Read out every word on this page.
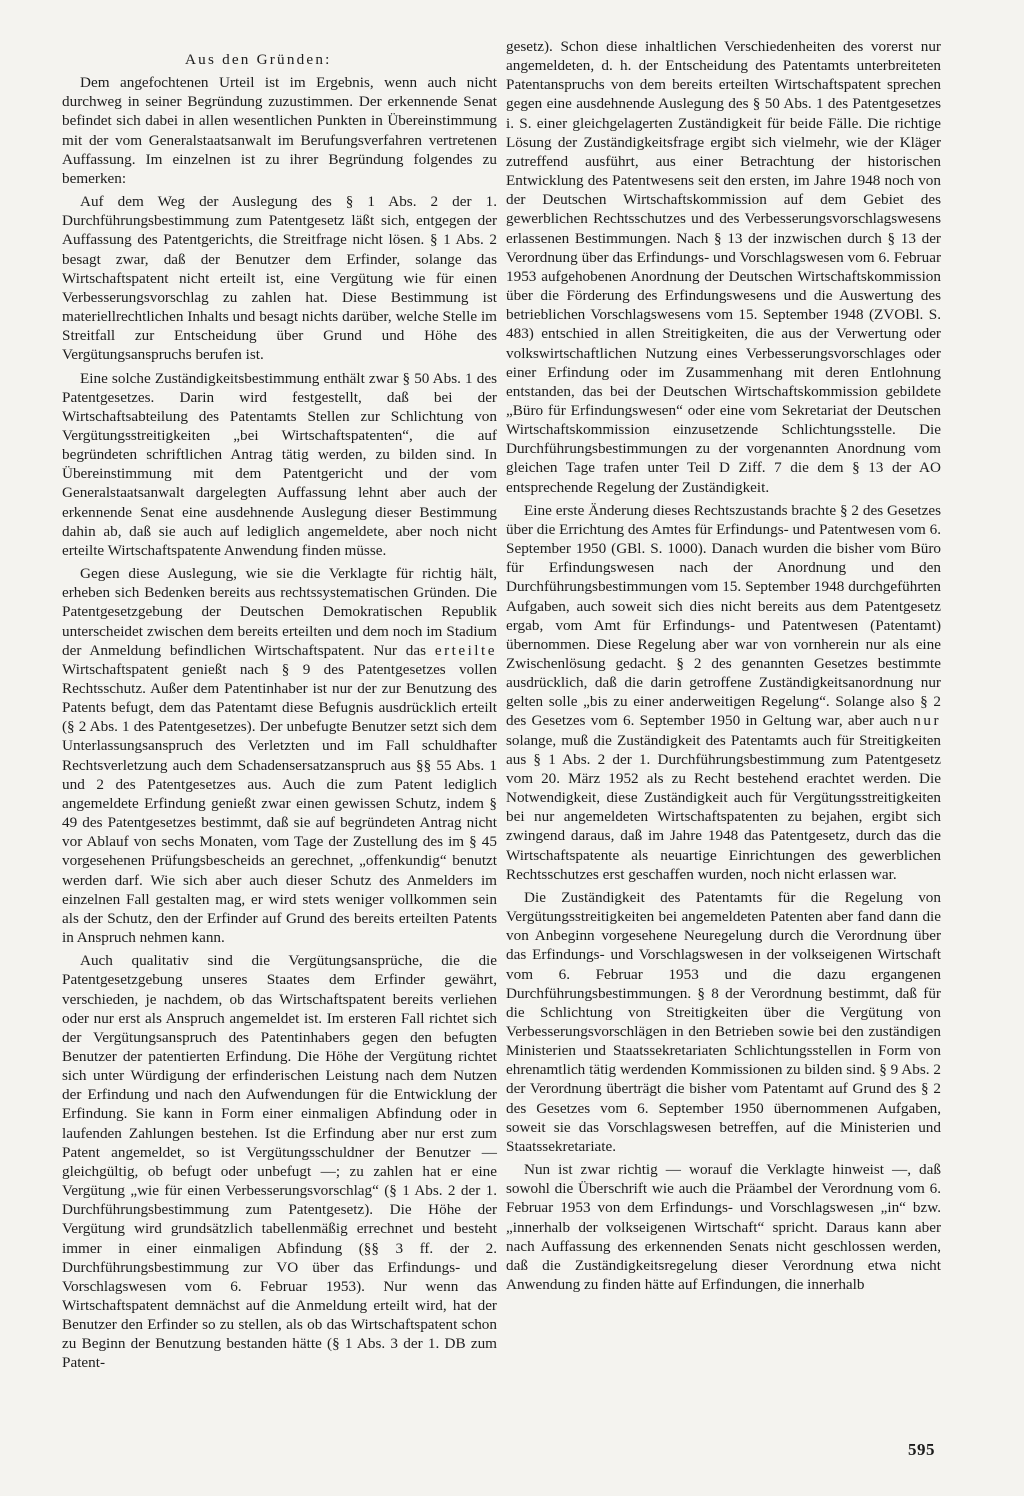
Aus den Gründen:

Dem angefochtenen Urteil ist im Ergebnis, wenn auch nicht durchweg in seiner Begründung zuzustimmen. Der erkennende Senat befindet sich dabei in allen wesentlichen Punkten in Übereinstimmung mit der vom Generalstaatsanwalt im Berufungsverfahren vertretenen Auffassung. Im einzelnen ist zu ihrer Begründung folgendes zu bemerken:

Auf dem Weg der Auslegung des § 1 Abs. 2 der 1. Durchführungsbestimmung zum Patentgesetz läßt sich, entgegen der Auffassung des Patentgerichts, die Streitfrage nicht lösen. § 1 Abs. 2 besagt zwar, daß der Benutzer dem Erfinder, solange das Wirtschaftspatent nicht erteilt ist, eine Vergütung wie für einen Verbesserungsvorschlag zu zahlen hat. Diese Bestimmung ist materiellrechtlichen Inhalts und besagt nichts darüber, welche Stelle im Streitfall zur Entscheidung über Grund und Höhe des Vergütungsanspruchs berufen ist.

Eine solche Zuständigkeitsbestimmung enthält zwar § 50 Abs. 1 des Patentgesetzes. Darin wird festgestellt, daß bei der Wirtschaftsabteilung des Patentamts Stellen zur Schlichtung von Vergütungsstreitigkeiten „bei Wirtschaftspatenten“, die auf begründeten schriftlichen Antrag tätig werden, zu bilden sind. In Übereinstimmung mit dem Patentgericht und der vom Generalstaatsanwalt dargelegten Auffassung lehnt aber auch der erkennende Senat eine ausdehnende Auslegung dieser Bestimmung dahin ab, daß sie auch auf lediglich angemeldete, aber noch nicht erteilte Wirtschaftspatente Anwendung finden müsse.

Gegen diese Auslegung, wie sie die Verklagte für richtig hält, erheben sich Bedenken bereits aus rechtssystematischen Gründen. Die Patentgesetzgebung der Deutschen Demokratischen Republik unterscheidet zwischen dem bereits erteilten und dem noch im Stadium der Anmeldung befindlichen Wirtschaftspatent. Nur das erteilte Wirtschaftspatent genießt nach § 9 des Patentgesetzes vollen Rechtsschutz. Außer dem Patentinhaber ist nur der zur Benutzung des Patents befugt, dem das Patentamt diese Befugnis ausdrücklich erteilt (§ 2 Abs. 1 des Patentgesetzes). Der unbefugte Benutzer setzt sich dem Unterlassungsanspruch des Verletzten und im Fall schuldhafter Rechtsverletzung auch dem Schadensersatzanspruch aus §§ 55 Abs. 1 und 2 des Patentgesetzes aus. Auch die zum Patent lediglich angemeldete Erfindung genießt zwar einen gewissen Schutz, indem § 49 des Patentgesetzes bestimmt, daß sie auf begründeten Antrag nicht vor Ablauf von sechs Monaten, vom Tage der Zustellung des im § 45 vorgesehenen Prüfungsbescheids an gerechnet, „offenkundig“ benutzt werden darf. Wie sich aber auch dieser Schutz des Anmelders im einzelnen Fall gestalten mag, er wird stets weniger vollkommen sein als der Schutz, den der Erfinder auf Grund des bereits erteilten Patents in Anspruch nehmen kann.

Auch qualitativ sind die Vergütungsansprüche, die die Patentgesetzgebung unseres Staates dem Erfinder gewährt, verschieden, je nachdem, ob das Wirtschaftspatent bereits verliehen oder nur erst als Anspruch angemeldet ist. Im ersteren Fall richtet sich der Vergütungsanspruch des Patentinhabers gegen den befugten Benutzer der patentierten Erfindung. Die Höhe der Vergütung richtet sich unter Würdigung der erfinderischen Leistung nach dem Nutzen der Erfindung und nach den Aufwendungen für die Entwicklung der Erfindung. Sie kann in Form einer einmaligen Abfindung oder in laufenden Zahlungen bestehen. Ist die Erfindung aber nur erst zum Patent angemeldet, so ist Vergütungsschuldner der Benutzer — gleichgültig, ob befugt oder unbefugt —; zu zahlen hat er eine Vergütung „wie für einen Verbesserungsvorschlag“ (§ 1 Abs. 2 der 1. Durchführungsbestimmung zum Patentgesetz). Die Höhe der Vergütung wird grundsätzlich tabellenmäßig errechnet und besteht immer in einer einmaligen Abfindung (§§ 3 ff. der 2. Durchführungsbestimmung zur VO über das Erfindungs- und Vorschlagswesen vom 6. Februar 1953). Nur wenn das Wirtschaftspatent demnächst auf die Anmeldung erteilt wird, hat der Benutzer den Erfinder so zu stellen, als ob das Wirtschaftspatent schon zu Beginn der Benutzung bestanden hätte (§ 1 Abs. 3 der 1. DB zum Patent-

gesetz). Schon diese inhaltlichen Verschiedenheiten des vorerst nur angemeldeten, d. h. der Entscheidung des Patentamts unterbreiteten Patentanspruchs von dem bereits erteilten Wirtschaftspatent sprechen gegen eine ausdehnende Auslegung des § 50 Abs. 1 des Patentgesetzes i. S. einer gleichgelagerten Zuständigkeit für beide Fälle. Die richtige Lösung der Zuständigkeitsfrage ergibt sich vielmehr, wie der Kläger zutreffend ausführt, aus einer Betrachtung der historischen Entwicklung des Patentwesens seit den ersten, im Jahre 1948 noch von der Deutschen Wirtschaftskommission auf dem Gebiet des gewerblichen Rechtsschutzes und des Verbesserungsvorschlagswesens erlassenen Bestimmungen. Nach § 13 der inzwischen durch § 13 der Verordnung über das Erfindungs- und Vorschlagswesen vom 6. Februar 1953 aufgehobenen Anordnung der Deutschen Wirtschaftskommission über die Förderung des Erfindungswesens und die Auswertung des betrieblichen Vorschlagswesens vom 15. September 1948 (ZVOBl. S. 483) entschied in allen Streitigkeiten, die aus der Verwertung oder volkswirtschaftlichen Nutzung eines Verbesserungsvorschlages oder einer Erfindung oder im Zusammenhang mit deren Entlohnung entstanden, das bei der Deutschen Wirtschaftskommission gebildete „Büro für Erfindungswesen“ oder eine vom Sekretariat der Deutschen Wirtschaftskommission einzusetzende Schlichtungsstelle. Die Durchführungsbestimmungen zu der vorgenannten Anordnung vom gleichen Tage trafen unter Teil D Ziff. 7 die dem § 13 der AO entsprechende Regelung der Zuständigkeit.

Eine erste Änderung dieses Rechtszustands brachte § 2 des Gesetzes über die Errichtung des Amtes für Erfindungs- und Patentwesen vom 6. September 1950 (GBl. S. 1000). Danach wurden die bisher vom Büro für Erfindungswesen nach der Anordnung und den Durchführungsbestimmungen vom 15. September 1948 durchgeführten Aufgaben, auch soweit sich dies nicht bereits aus dem Patentgesetz ergab, vom Amt für Erfindungs- und Patentwesen (Patentamt) übernommen. Diese Regelung aber war von vornherein nur als eine Zwischenlösung gedacht. § 2 des genannten Gesetzes bestimmte ausdrücklich, daß die darin getroffene Zuständigkeitsanordnung nur gelten solle „bis zu einer anderweitigen Regelung“. Solange also § 2 des Gesetzes vom 6. September 1950 in Geltung war, aber auch nur solange, muß die Zuständigkeit des Patentamts auch für Streitigkeiten aus § 1 Abs. 2 der 1. Durchführungsbestimmung zum Patentgesetz vom 20. März 1952 als zu Recht bestehend erachtet werden. Die Notwendigkeit, diese Zuständigkeit auch für Vergütungsstreitigkeiten bei nur angemeldeten Wirtschaftspatenten zu bejahen, ergibt sich zwingend daraus, daß im Jahre 1948 das Patentgesetz, durch das die Wirtschaftspatente als neuartige Einrichtungen des gewerblichen Rechtsschutzes erst geschaffen wurden, noch nicht erlassen war.

Die Zuständigkeit des Patentamts für die Regelung von Vergütungsstreitigkeiten bei angemeldeten Patenten aber fand dann die von Anbeginn vorgesehene Neuregelung durch die Verordnung über das Erfindungs- und Vorschlagswesen in der volkseigenen Wirtschaft vom 6. Februar 1953 und die dazu ergangenen Durchführungsbestimmungen. § 8 der Verordnung bestimmt, daß für die Schlichtung von Streitigkeiten über die Vergütung von Verbesserungsvorschlägen in den Betrieben sowie bei den zuständigen Ministerien und Staatssekretariaten Schlichtungsstellen in Form von ehrenamtlich tätig werdenden Kommissionen zu bilden sind. § 9 Abs. 2 der Verordnung überträgt die bisher vom Patentamt auf Grund des § 2 des Gesetzes vom 6. September 1950 übernommenen Aufgaben, soweit sie das Vorschlagswesen betreffen, auf die Ministerien und Staatssekretariate.

Nun ist zwar richtig — worauf die Verklagte hinweist —, daß sowohl die Überschrift wie auch die Präambel der Verordnung vom 6. Februar 1953 von dem Erfindungs- und Vorschlagswesen „in“ bzw. „innerhalb der volkseigenen Wirtschaft“ spricht. Daraus kann aber nach Auffassung des erkennenden Senats nicht geschlossen werden, daß die Zuständigkeitsregelung dieser Verordnung etwa nicht Anwendung zu finden hätte auf Erfindungen, die innerhalb

595
